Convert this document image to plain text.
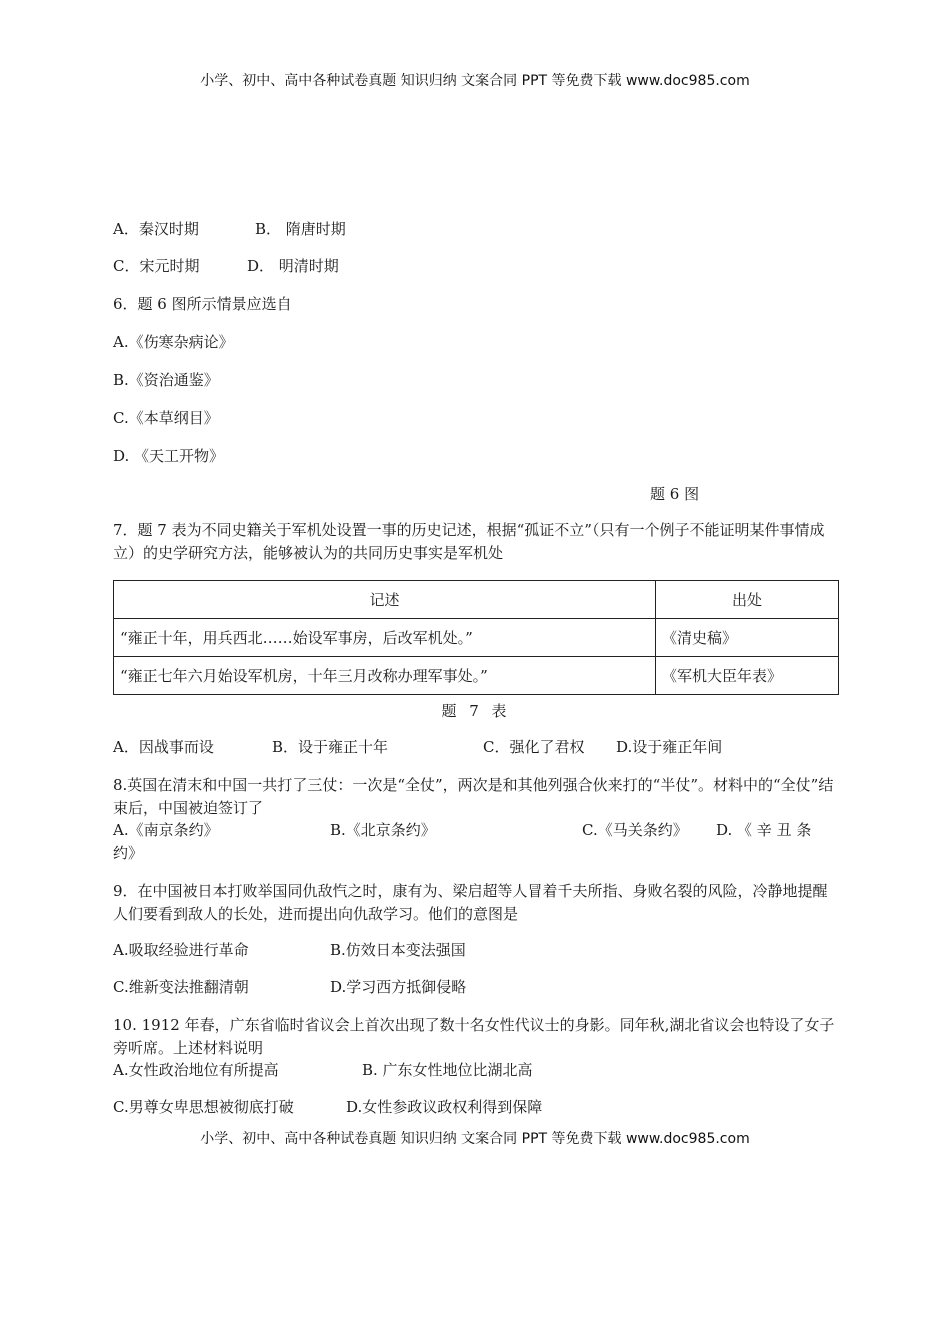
小学、初中、高中各种试卷真题 知识归纳 文案合同 PPT 等免费下载 www.doc985.com
A．秦汉时期	B． 隋唐时期
C．宋元时期	D． 明清时期
6．题 6 图所示情景应选自
A.《伤寒杂病论》
B.《资治通鉴》
C.《本草纲目》
D. 《天工开物》
题 6 图
7．题 7 表为不同史籍关于军机处设置一事的历史记述，根据“孤证不立”（只有一个例子不能证明某件事情成立）的史学研究方法，能够被认为的共同历史事实是军机处
记述	出处
“雍正十年，用兵西北……始设军事房，后改军机处。”	《清史稿》
“雍正七年六月始设军机房，十年三月改称办理军事处。”	《军机大臣年表》
题 7 表
A．因战事而设	B．设于雍正十年	C．强化了君权 D.设于雍正年间
8.英国在清末和中国一共打了三仗：一次是“全仗”，两次是和其他列强合伙来打的“半仗”。材料中的“全仗”结束后，中国被迫签订了
A.《南京条约》	B.《北京条约》	C.《马关条约》 D. 《 辛 丑 条
约》
9．在中国被日本打败举国同仇敌忾之时，康有为、梁启超等人冒着千夫所指、身败名裂的风险，冷静地提醒人们要看到敌人的长处，进而提出向仇敌学习。他们的意图是
A.吸取经验进行革命	B.仿效日本变法强国
C.维新变法推翻清朝	D.学习西方抵御侵略
10. 1912 年春，广东省临时省议会上首次出现了数十名女性代议士的身影。同年秋,湖北省议会也特设了女子旁听席。上述材料说明
A.女性政治地位有所提高	B. 广东女性地位比湖北高
C.男尊女卑思想被彻底打破	D.女性参政议政权利得到保障
小学、初中、高中各种试卷真题 知识归纳 文案合同 PPT 等免费下载 www.doc985.com
